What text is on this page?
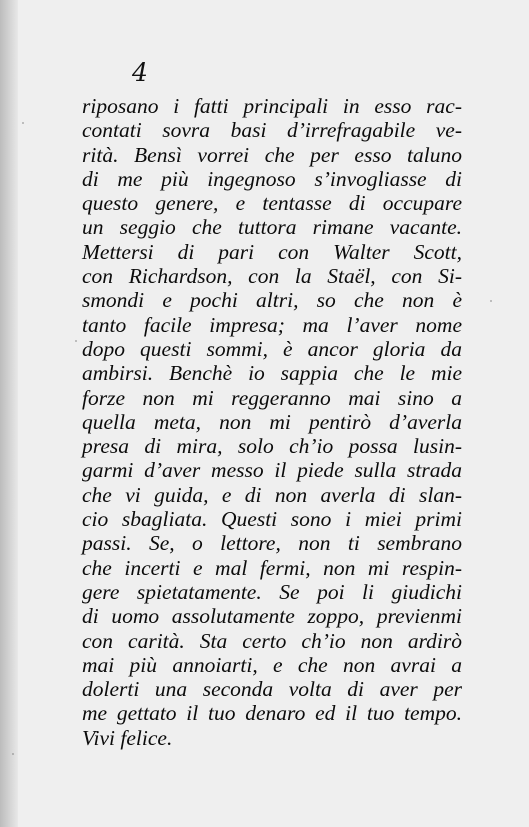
4
riposano i fatti principali in esso rac-
contati sovra basi d’irrefragabile ve-
rità. Bensì vorrei che per esso taluno
di me più ingegnoso s’invogliasse di
questo genere, e tentasse di occupare
un seggio che tuttora rimane vacante.
Mettersi di pari con Walter Scott,
con Richardson, con la Staël, con Si-
smondi e pochi altri, so che non è
tanto facile impresa; ma l’aver nome
dopo questi sommi, è ancor gloria da
ambirsi. Benchè io sappia che le mie
forze non mi reggeranno mai sino a
quella meta, non mi pentirò d’averla
presa di mira, solo ch’io possa lusin-
garmi d’aver messo il piede sulla strada
che vi guida, e di non averla di slan-
cio sbagliata. Questi sono i miei primi
passi. Se, o lettore, non ti sembrano
che incerti e mal fermi, non mi respin-
gere spietatamente. Se poi li giudichi
di uomo assolutamente zoppo, previenmi
con carità. Sta certo ch’io non ardirò
mai più annoiarti, e che non avrai a
dolerti una seconda volta di aver per
me gettato il tuo denaro ed il tuo tempo.
Vivi felice.
